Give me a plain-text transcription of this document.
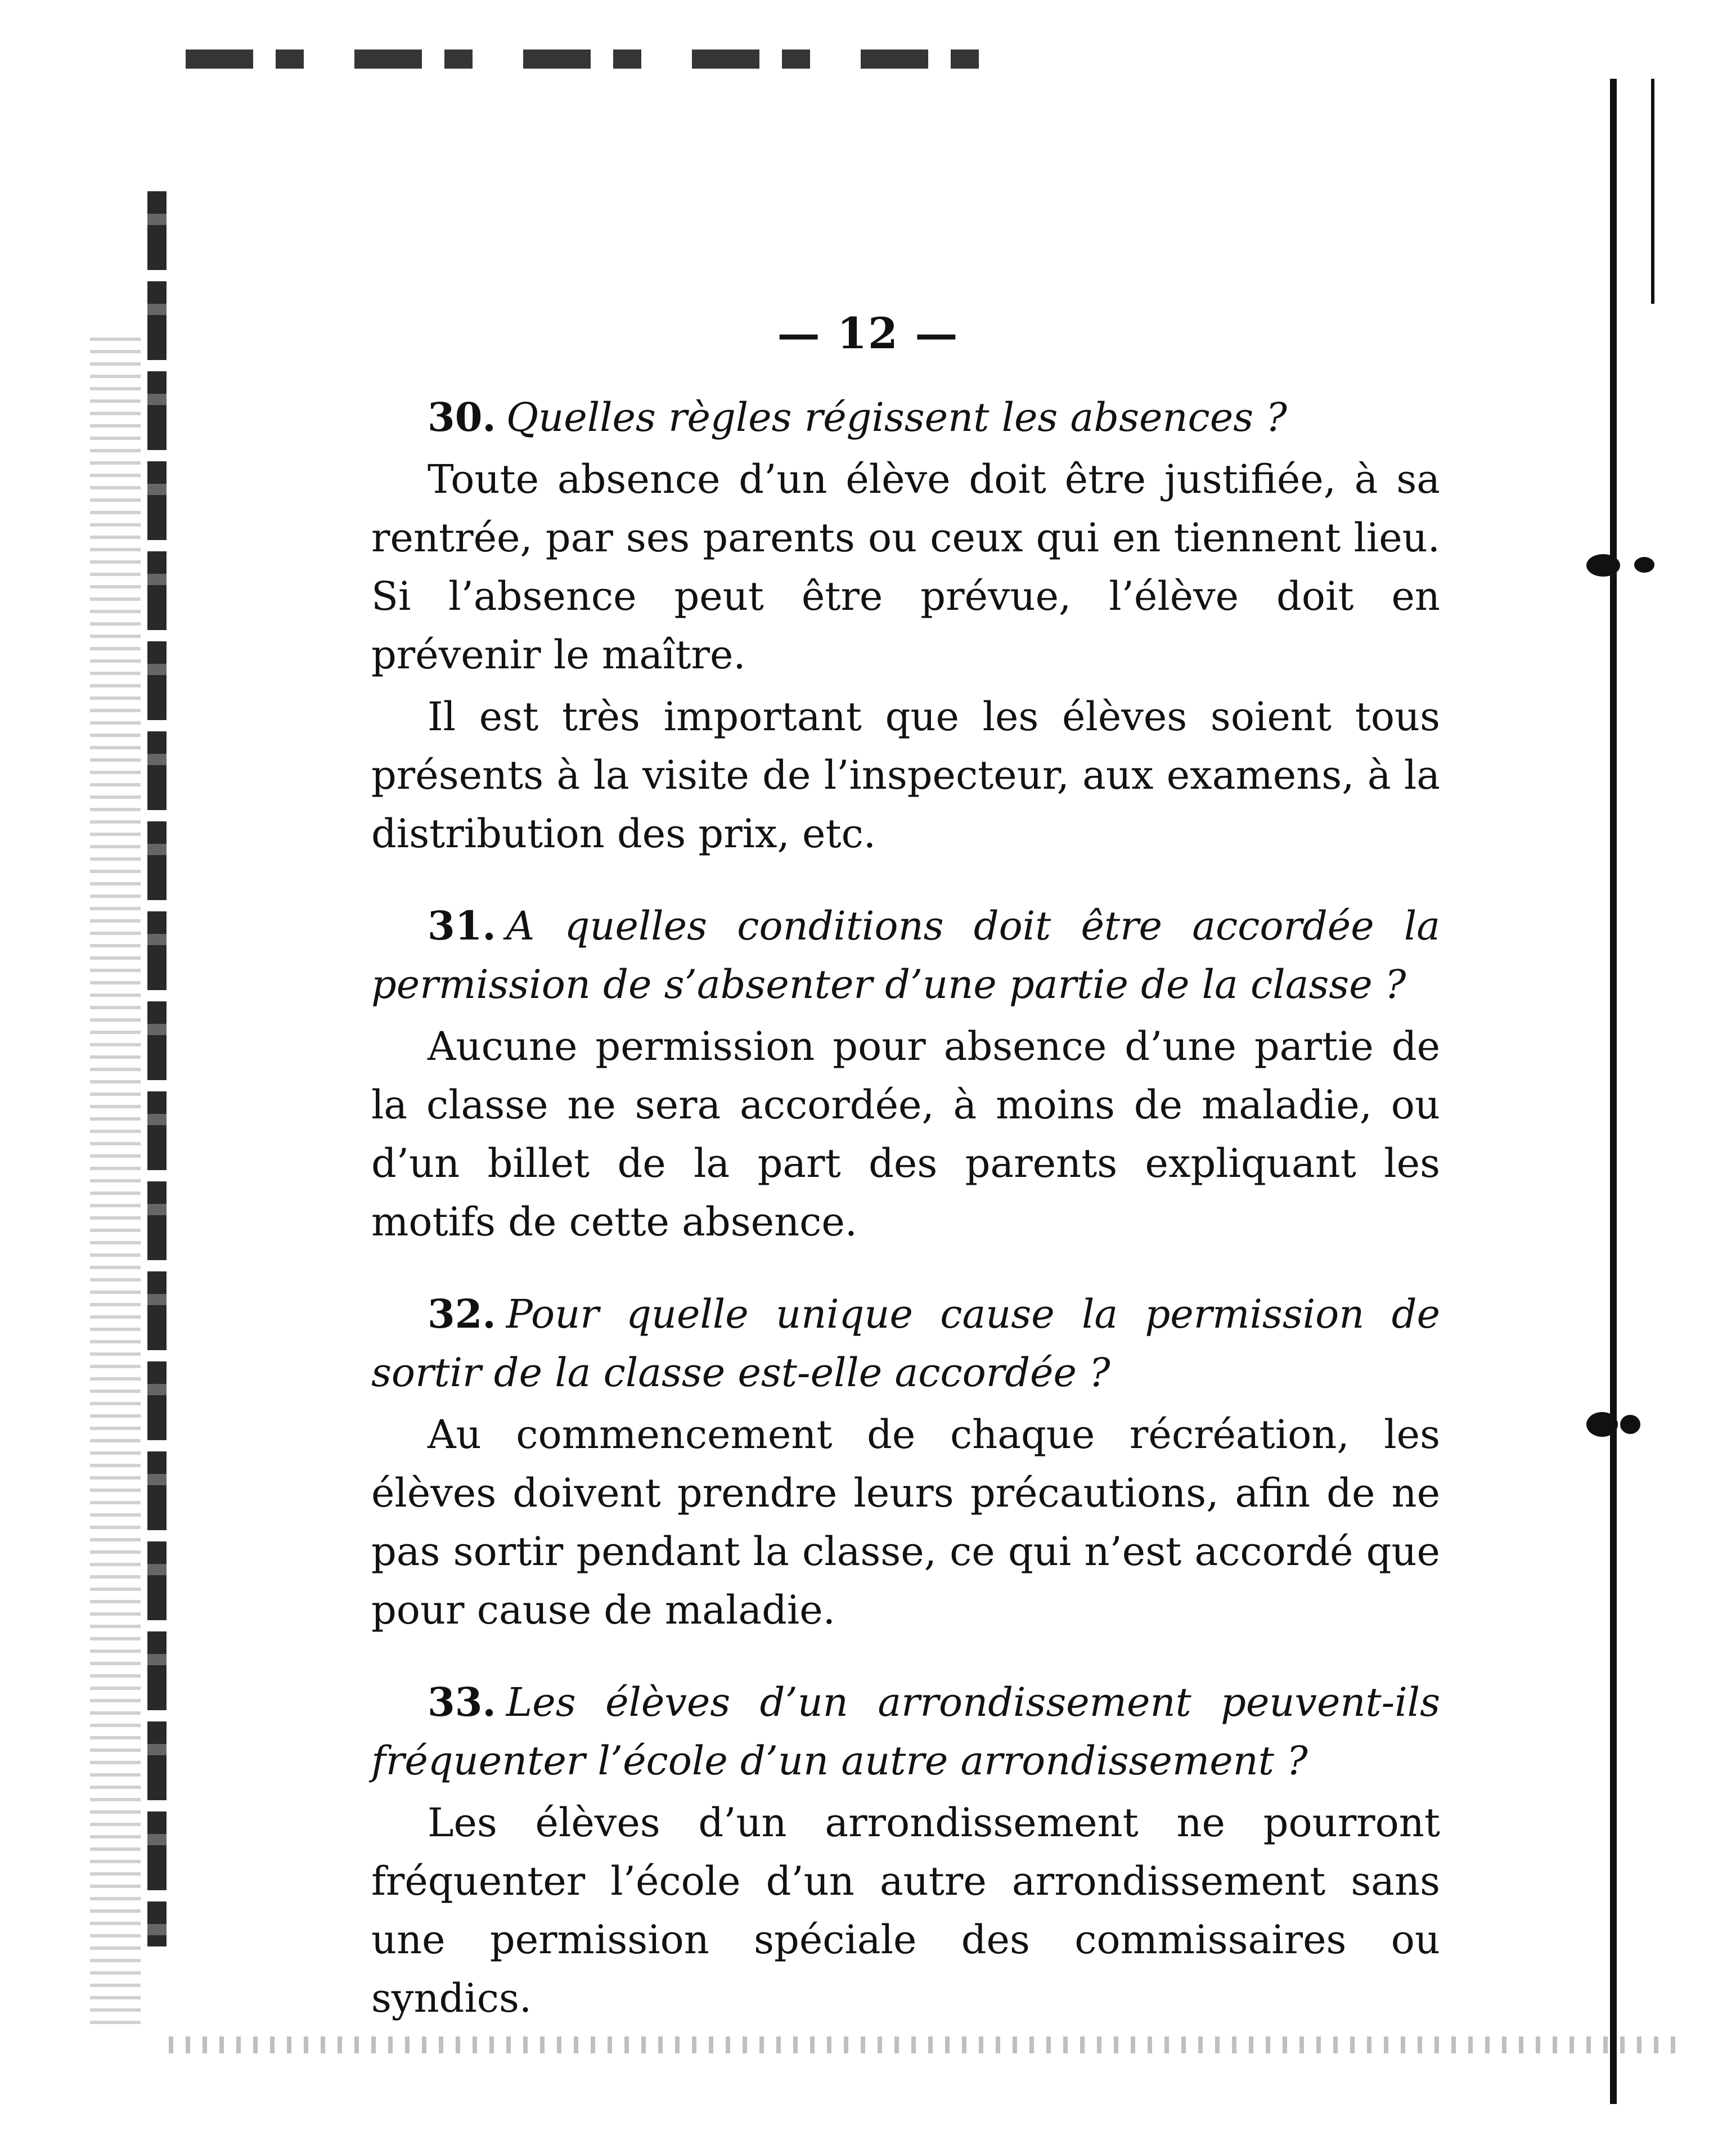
— 12 —

30. Quelles règles régissent les absences ?

Toute absence d’un élève doit être justifiée, à sa rentrée, par ses parents ou ceux qui en tiennent lieu. Si l’absence peut être prévue, l’élève doit en prévenir le maître.

Il est très important que les élèves soient tous présents à la visite de l’inspecteur, aux examens, à la distribution des prix, etc.

31. A quelles conditions doit être accordée la permission de s’absenter d’une partie de la classe ?

Aucune permission pour absence d’une partie de la classe ne sera accordée, à moins de maladie, ou d’un billet de la part des parents expliquant les motifs de cette absence.

32. Pour quelle unique cause la permission de sortir de la classe est-elle accordée ?

Au commencement de chaque récréation, les élèves doivent prendre leurs précautions, afin de ne pas sortir pendant la classe, ce qui n’est accordé que pour cause de maladie.

33. Les élèves d’un arrondissement peuvent-ils fréquenter l’école d’un autre arrondissement ?

Les élèves d’un arrondissement ne pourront fréquenter l’école d’un autre arrondissement sans une permission spéciale des commissaires ou syndics.
